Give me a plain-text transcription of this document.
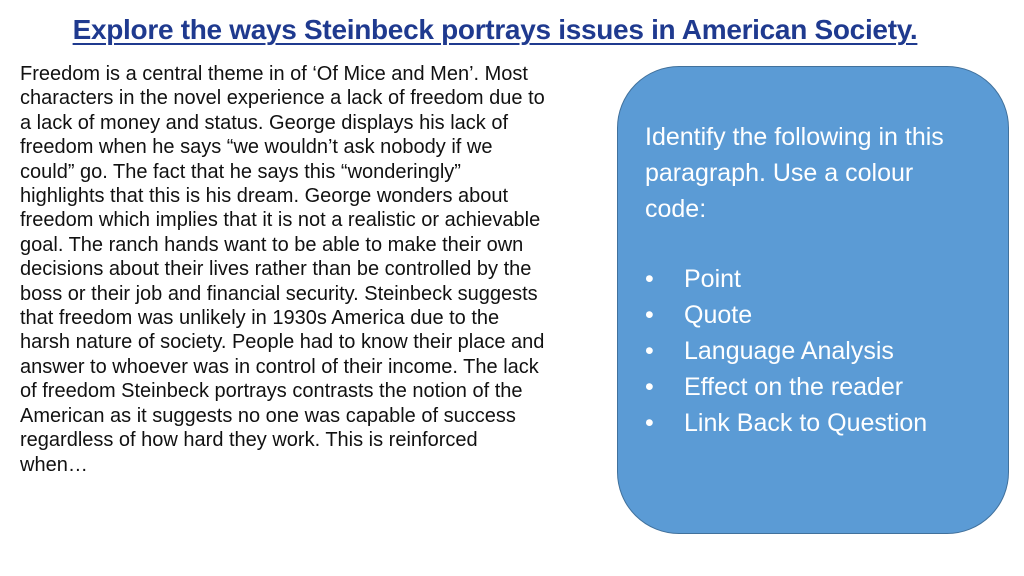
Explore the ways Steinbeck portrays issues in American Society.

Freedom is a central theme in of ‘Of Mice and Men’. Most characters in the novel experience a lack of freedom due to a lack of money and status. George displays his lack of freedom when he says “we wouldn’t ask nobody if we could” go. The fact that he says this “wonderingly” highlights that this is his dream. George wonders about freedom which implies that it is not a realistic or achievable goal. The ranch hands want to be able to make their own decisions about their lives rather than be controlled by the boss or their job and financial security. Steinbeck suggests that freedom was unlikely in 1930s America due to the harsh nature of society. People had to know their place and answer to whoever was in control of their income. The lack of freedom Steinbeck portrays contrasts the notion of the American as it suggests no one was capable of success regardless of how hard they work. This is reinforced when…

Identify the following in this paragraph. Use a colour code:

• Point
• Quote
• Language Analysis
• Effect on the reader
• Link Back to Question
